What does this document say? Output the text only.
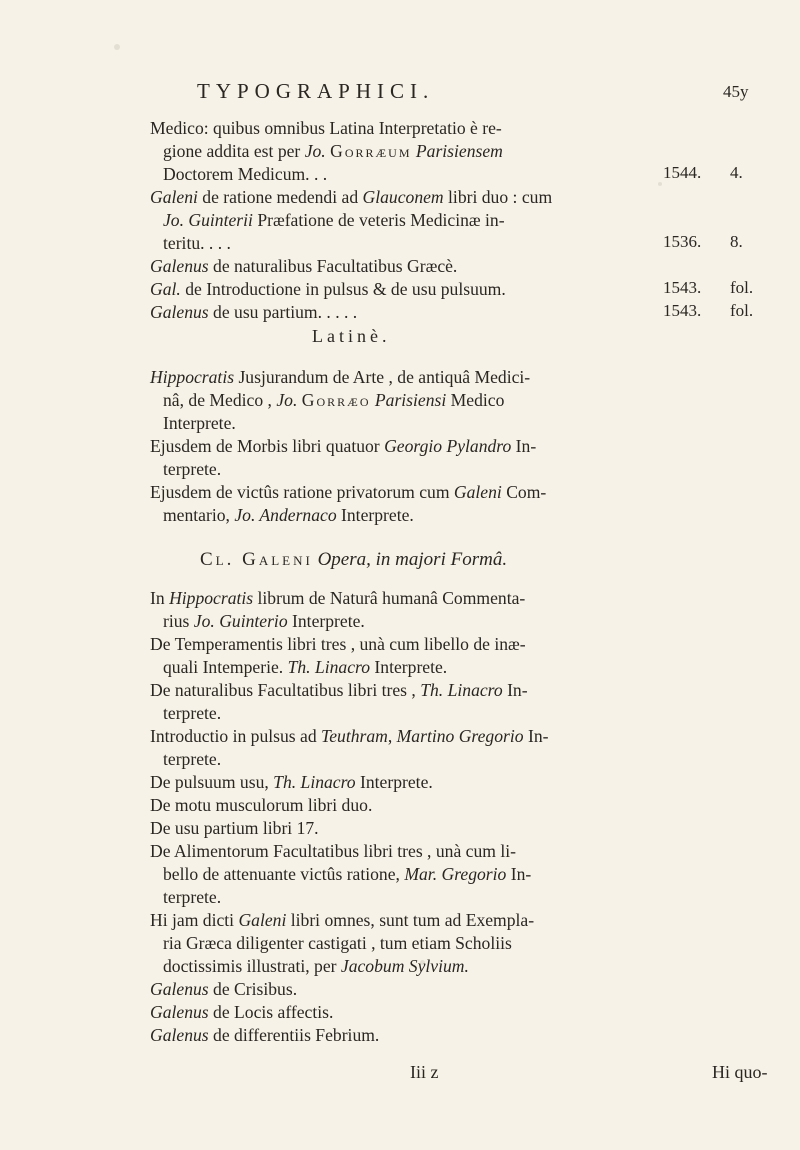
TYPOGRAPHICI.	45y
Medico: quibus omnibus Latina Interpretatio è re-
gione addita est per Jo. Gorræum Parisiensem
Doctorem Medicum. . .
Galeni de ratione medendi ad Glauconem libri duo : cum
Jo. Guinterii Præfatione de veteris Medicinæ in-
teritu. . . .
Galenus de naturalibus Facultatibus Græcè.
Gal. de Introductione in pulsus & de usu pulsuum.
Galenus de usu partium. . . . .
Latinè.
Hippocratis Jusjurandum de Arte , de antiquâ Medici-
nâ, de Medico , Jo. Gorræo Parisiensi Medico
Interprete.
Ejusdem de Morbis libri quatuor Georgio Pylandro In-
terprete.
Ejusdem de victûs ratione privatorum cum Galeni Com-
mentario, Jo. Andernaco Interprete.
Cl. Galeni Opera, in majori Formâ.
In Hippocratis librum de Naturâ humanâ Commenta-
rius Jo. Guinterio Interprete.
De Temperamentis libri tres , unà cum libello de inæ-
quali Intemperie. Th. Linacro Interprete.
De naturalibus Facultatibus libri tres , Th. Linacro In-
terprete.
Introductio in pulsus ad Teuthram, Martino Gregorio In-
terprete.
De pulsuum usu, Th. Linacro Interprete.
De motu musculorum libri duo.
De usu partium libri 17.
De Alimentorum Facultatibus libri tres , unà cum li-
bello de attenuante victûs ratione, Mar. Gregorio In-
terprete.
Hi jam dicti Galeni libri omnes, sunt tum ad Exempla-
ria Græca diligenter castigati , tum etiam Scholiis
doctissimis illustrati, per Jacobum Sylvium.
Galenus de Crisibus.
Galenus de Locis affectis.
Galenus de differentiis Febrium.
Iii z	Hi quo-
1544. 4.
1536. 8.
1543. fol.
1543. fol.
